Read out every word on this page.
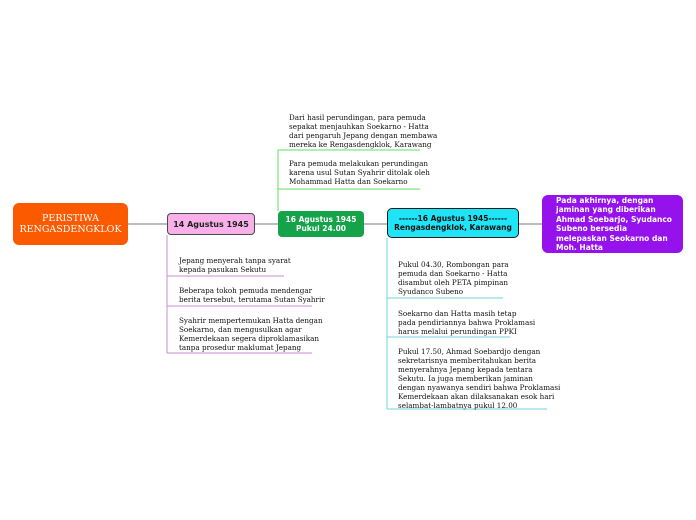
PERISTIWA RENGASDENGKLOK	14 Agustus 1945	16 Agustus 1945
Pukul 24.00
------16 Agustus 1945------
Rengasdengklok, Karawang
Pada akhirnya, dengan jaminan yang diberikan Ahmad Soebarjo, Syudanco Subeno bersedia melepaskan Seokarno dan Moh. Hatta
Dari hasil perundingan, para pemuda
sepakat menjauhkan Soekarno - Hatta
dari pengaruh Jepang dengan membawa
mereka ke Rengasdengklok, Karawang
Para pemuda melakukan perundingan
karena usul Sutan Syahrir ditolak oleh
Mohammad Hatta dan Soekarno
Jepang menyerah tanpa syarat
kepada pasukan Sekutu
Beberapa tokoh pemuda mendengar
berita tersebut, terutama Sutan Syahrir
Syahrir mempertemukan Hatta dengan
Soekarno, dan mengusulkan agar
Kemerdekaan segera diproklamasikan
tanpa prosedur maklumat Jepang
Pukul 04.30, Rombongan para
pemuda dan Soekarno - Hatta
disambut oleh PETA pimpinan
Syudanco Subeno
Soekarno dan Hatta masih tetap
pada pendiriannya bahwa Proklamasi
harus melalui perundingan PPKI
Pukul 17.50, Ahmad Soebardjo dengan
sekretarisnya memberitahukan berita
menyerahnya Jepang kepada tentara
Sekutu. Ia juga memberikan jaminan
dengan nyawanya sendiri bahwa Proklamasi
Kemerdekaan akan dilaksanakan esok hari
selambat-lambatnya pukul 12.00
